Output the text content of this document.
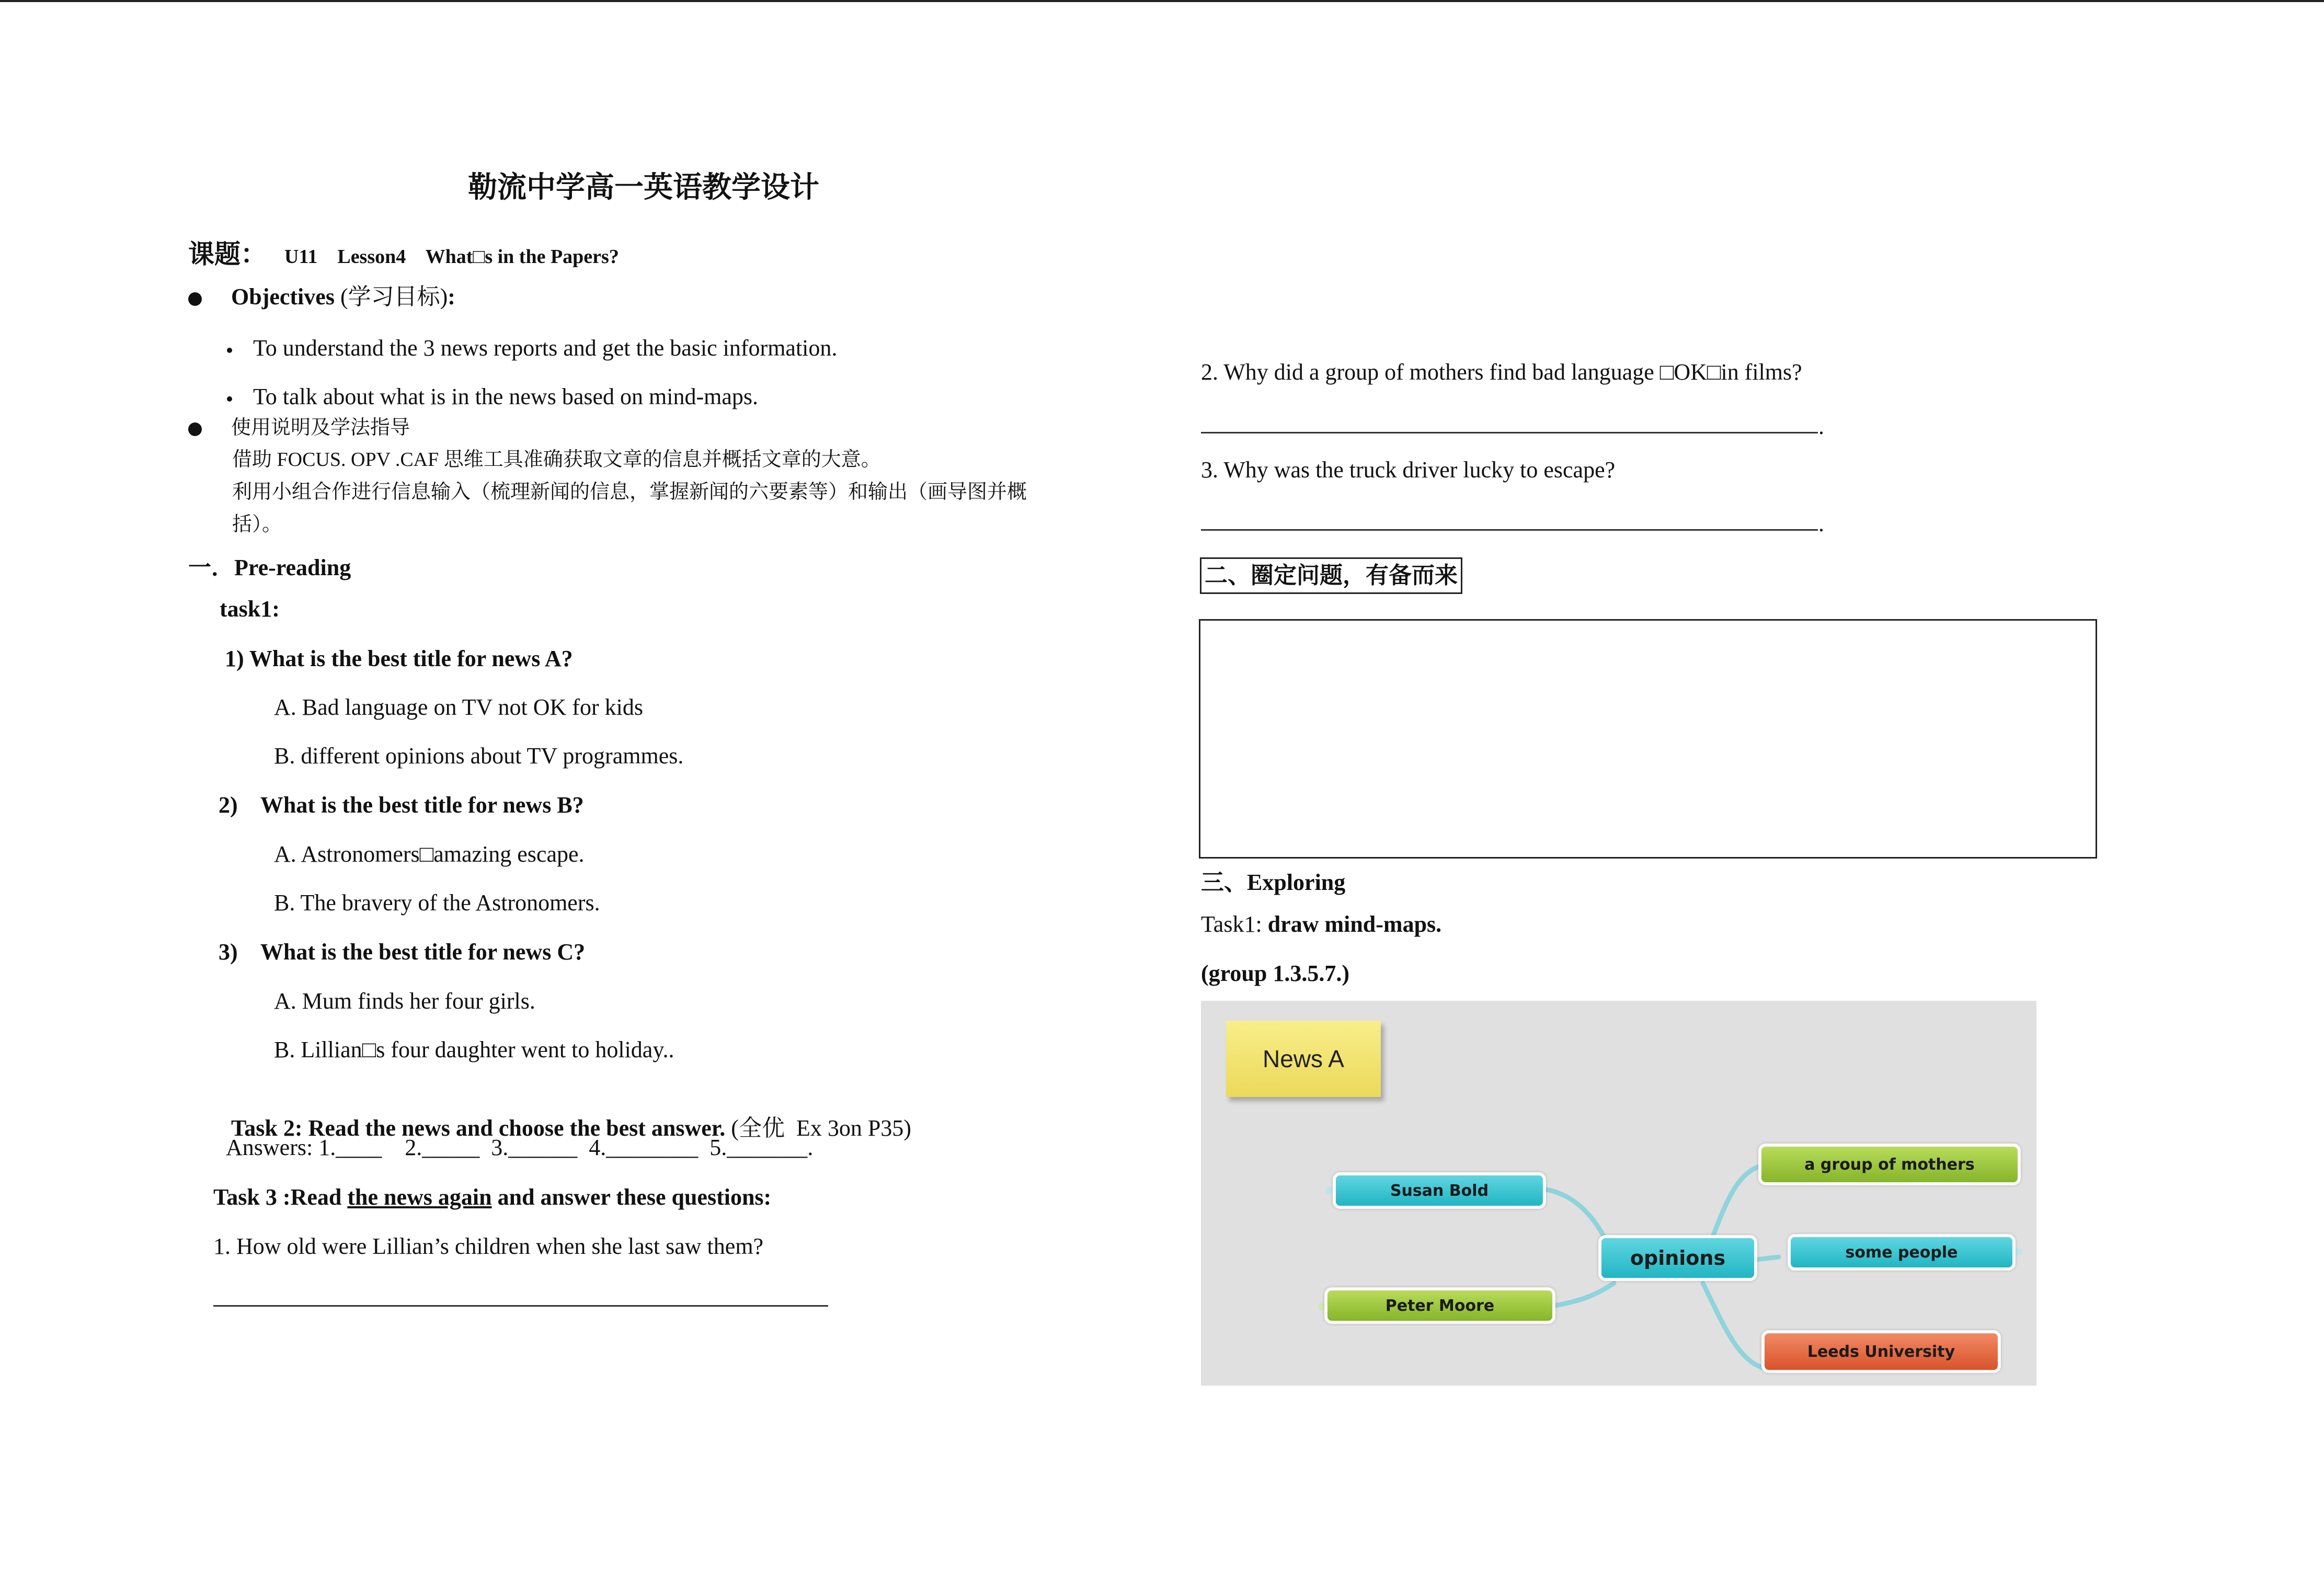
勒流中学高一英语教学设计
课题： U11    Lesson4    What□s in the Papers?
Objectives (学习目标):
To understand the 3 news reports and get the basic information.
To talk about what is in the news based on mind-maps.
使用说明及学法指导
借助 FOCUS. OPV .CAF 思维工具准确获取文章的信息并概括文章的大意。
利用小组合作进行信息输入（梳理新闻的信息，掌握新闻的六要素等）和输出（画导图并概
括）。
一．Pre-reading
task1:
1) What is the best title for news A?
A. Bad language on TV not OK for kids
B. different opinions about TV programmes.
2)    What is the best title for news B?
A. Astronomers□amazing escape.
B. The bravery of the Astronomers.
3)    What is the best title for news C?
A. Mum finds her four girls.
B. Lillian□s four daughter went to holiday..

Task 2: Read the news and choose the best answer. (全优  Ex 3on P35)

Answers: 1.____    2._____  3.______  4.________  5._______.
Task 3 :Read the news again and answer these questions:
1. How old were Lillian’s children when she last saw them?
2. Why did a group of mothers find bad language □OK□in films?
.
3. Why was the truck driver lucky to escape?
.
二、圈定问题，有备而来
三、Exploring
Task1: draw mind-maps.
(group 1.3.5.7.)
News A
Susan Bold
Peter Moore
opinions
a group of mothers
some people
Leeds University
